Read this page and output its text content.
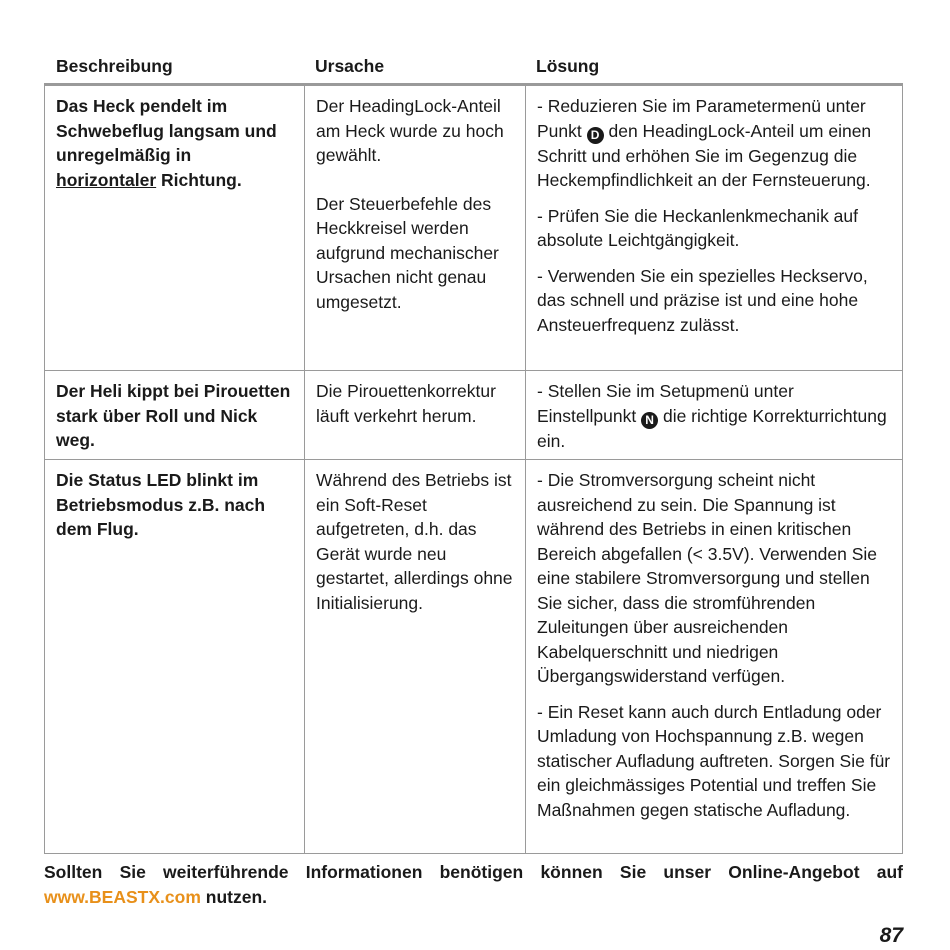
Beschreibung	Ursache	Lösung
Das Heck pendelt im Schwebeflug langsam und unregelmäßig in horizontaler Richtung.

Der HeadingLock-Anteil am Heck wurde zu hoch gewählt.

Der Steuerbefehle des Heckkreisel werden aufgrund mechanischer Ursachen nicht genau umgesetzt.

- Reduzieren Sie im Parametermenü unter Punkt D den HeadingLock-Anteil um einen Schritt und erhöhen Sie im Gegenzug die Heckempfindlichkeit an der Fernsteuerung.

- Prüfen Sie die Heckanlenkmechanik auf absolute Leichtgängigkeit.

- Verwenden Sie ein spezielles Heckservo, das schnell und präzise ist und eine hohe Ansteuerfrequenz zulässt.

Der Heli kippt bei Pirouetten stark über Roll und Nick weg.
Die Pirouettenkorrektur läuft verkehrt herum.
- Stellen Sie im Setupmenü unter Einstellpunkt N die richtige Korrekturrichtung ein.
Die Status LED blinkt im Betriebsmodus z.B. nach dem Flug.
Während des Betriebs ist ein Soft-Reset aufgetreten, d.h. das Gerät wurde neu gestartet, allerdings ohne Initialisierung.

- Die Stromversorgung scheint nicht ausreichend zu sein. Die Spannung ist während des Betriebs in einen kritischen Bereich abgefallen (< 3.5V). Verwenden Sie eine stabilere Stromversorgung und stellen Sie sicher, dass die stromführenden Zuleitungen über ausreichenden Kabelquerschnitt und niedrigen Übergangswiderstand verfügen.

- Ein Reset kann auch durch Entladung oder Umladung von Hochspannung z.B. wegen statischer Aufladung auftreten. Sorgen Sie für ein gleichmässiges Potential und treffen Sie Maßnahmen gegen statische Aufladung.

Sollten Sie weiterführende Informationen benötigen können Sie unser Online-Angebot auf www.BEASTX.com nutzen.
87
